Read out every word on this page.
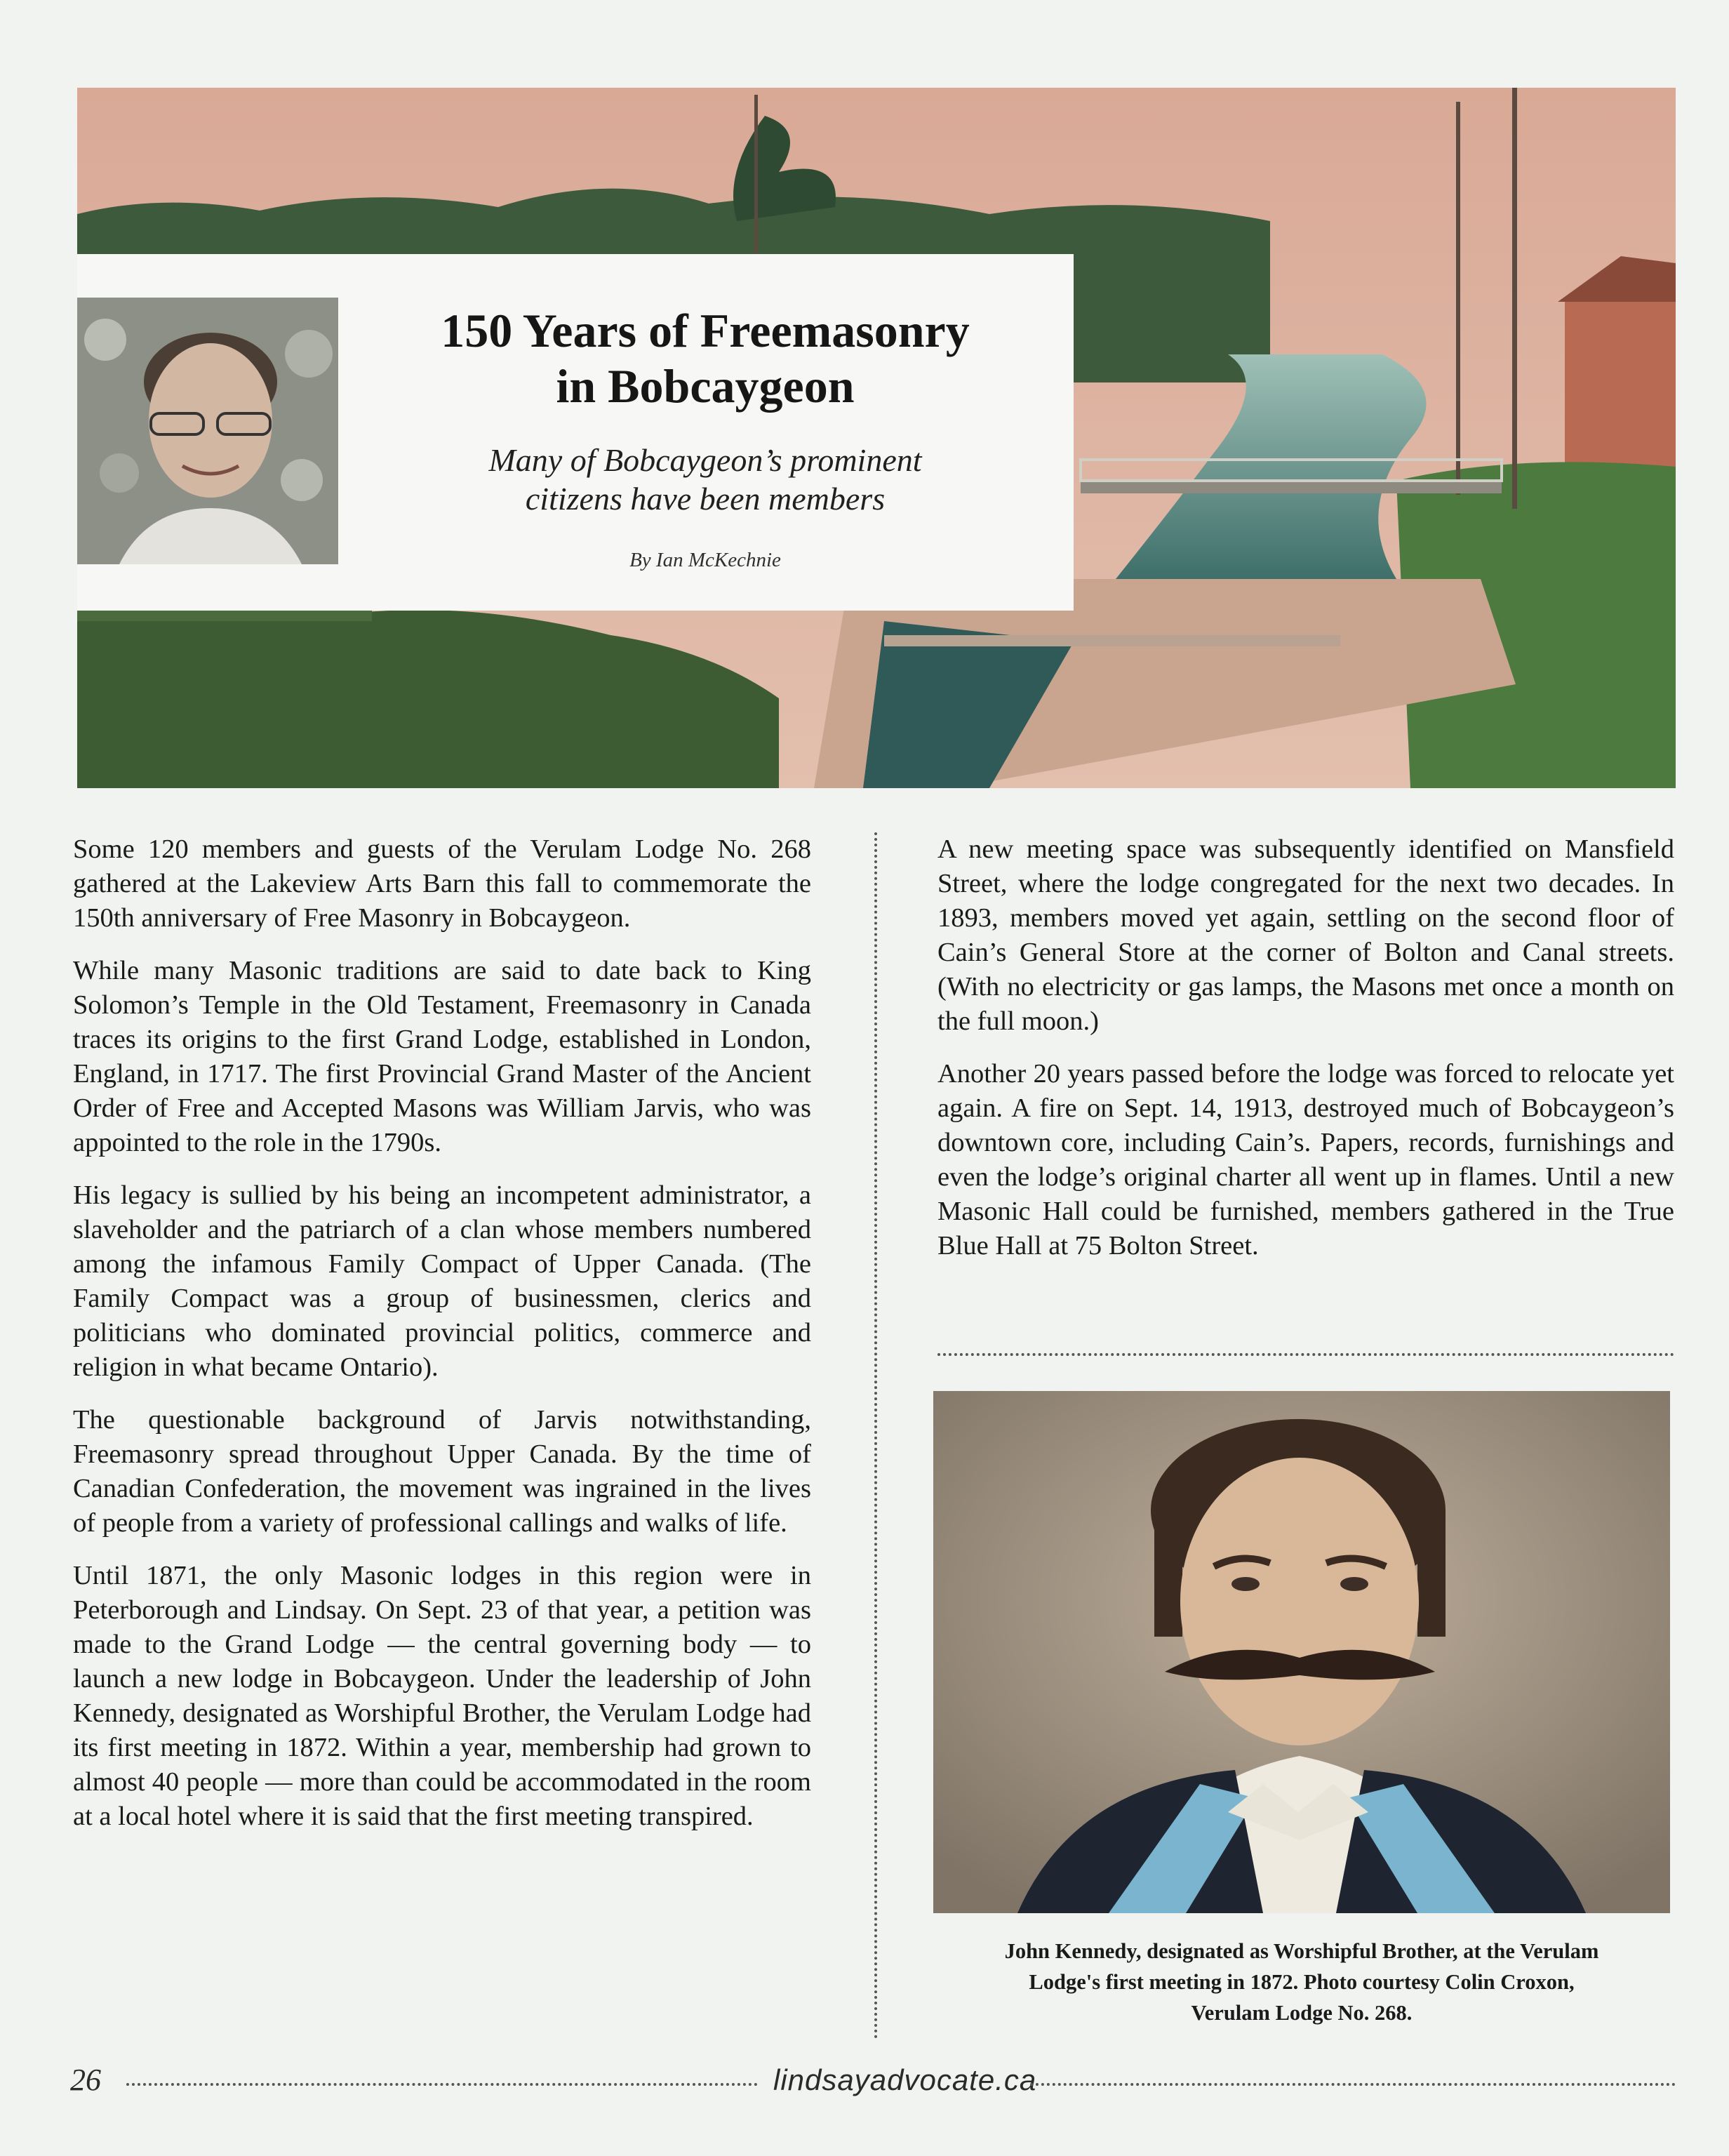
150 Years of Freemasonry
in Bobcaygeon

Many of Bobcaygeon’s prominent
citizens have been members

By Ian McKechnie

Some 120 members and guests of the Verulam Lodge No. 268 gathered at the Lakeview Arts Barn this fall to commemorate the 150th anniversary of Free Masonry in Bobcaygeon.

While many Masonic traditions are said to date back to King Solomon’s Temple in the Old Testament, Freemasonry in Canada traces its origins to the first Grand Lodge, established in London, England, in 1717. The first Provincial Grand Master of the Ancient Order of Free and Accepted Masons was William Jarvis, who was appointed to the role in the 1790s.

His legacy is sullied by his being an incompetent administrator, a slaveholder and the patriarch of a clan whose members numbered among the infamous Family Compact of Upper Canada. (The Family Compact was a group of businessmen, clerics and politicians who dominated provincial politics, commerce and religion in what became Ontario).

The questionable background of Jarvis notwithstanding, Freemasonry spread throughout Upper Canada. By the time of Canadian Confederation, the movement was ingrained in the lives of people from a variety of professional callings and walks of life.

Until 1871, the only Masonic lodges in this region were in Peterborough and Lindsay. On Sept. 23 of that year, a petition was made to the Grand Lodge — the central governing body — to launch a new lodge in Bobcaygeon. Under the leadership of John Kennedy, designated as Worshipful Brother, the Verulam Lodge had its first meeting in 1872. Within a year, membership had grown to almost 40 people — more than could be accommodated in the room at a local hotel where it is said that the first meeting transpired.

A new meeting space was subsequently identified on Mansfield Street, where the lodge congregated for the next two decades. In 1893, members moved yet again, settling on the second floor of Cain’s General Store at the corner of Bolton and Canal streets. (With no electricity or gas lamps, the Masons met once a month on the full moon.)

Another 20 years passed before the lodge was forced to relocate yet again. A fire on Sept. 14, 1913, destroyed much of Bobcaygeon’s downtown core, including Cain’s. Papers, records, furnishings and even the lodge’s original charter all went up in flames. Until a new Masonic Hall could be furnished, members gathered in the True Blue Hall at 75 Bolton Street.

John Kennedy, designated as Worshipful Brother, at the Verulam
Lodge's first meeting in 1872. Photo courtesy Colin Croxon,
Verulam Lodge No. 268.
26	lindsayadvocate.ca
